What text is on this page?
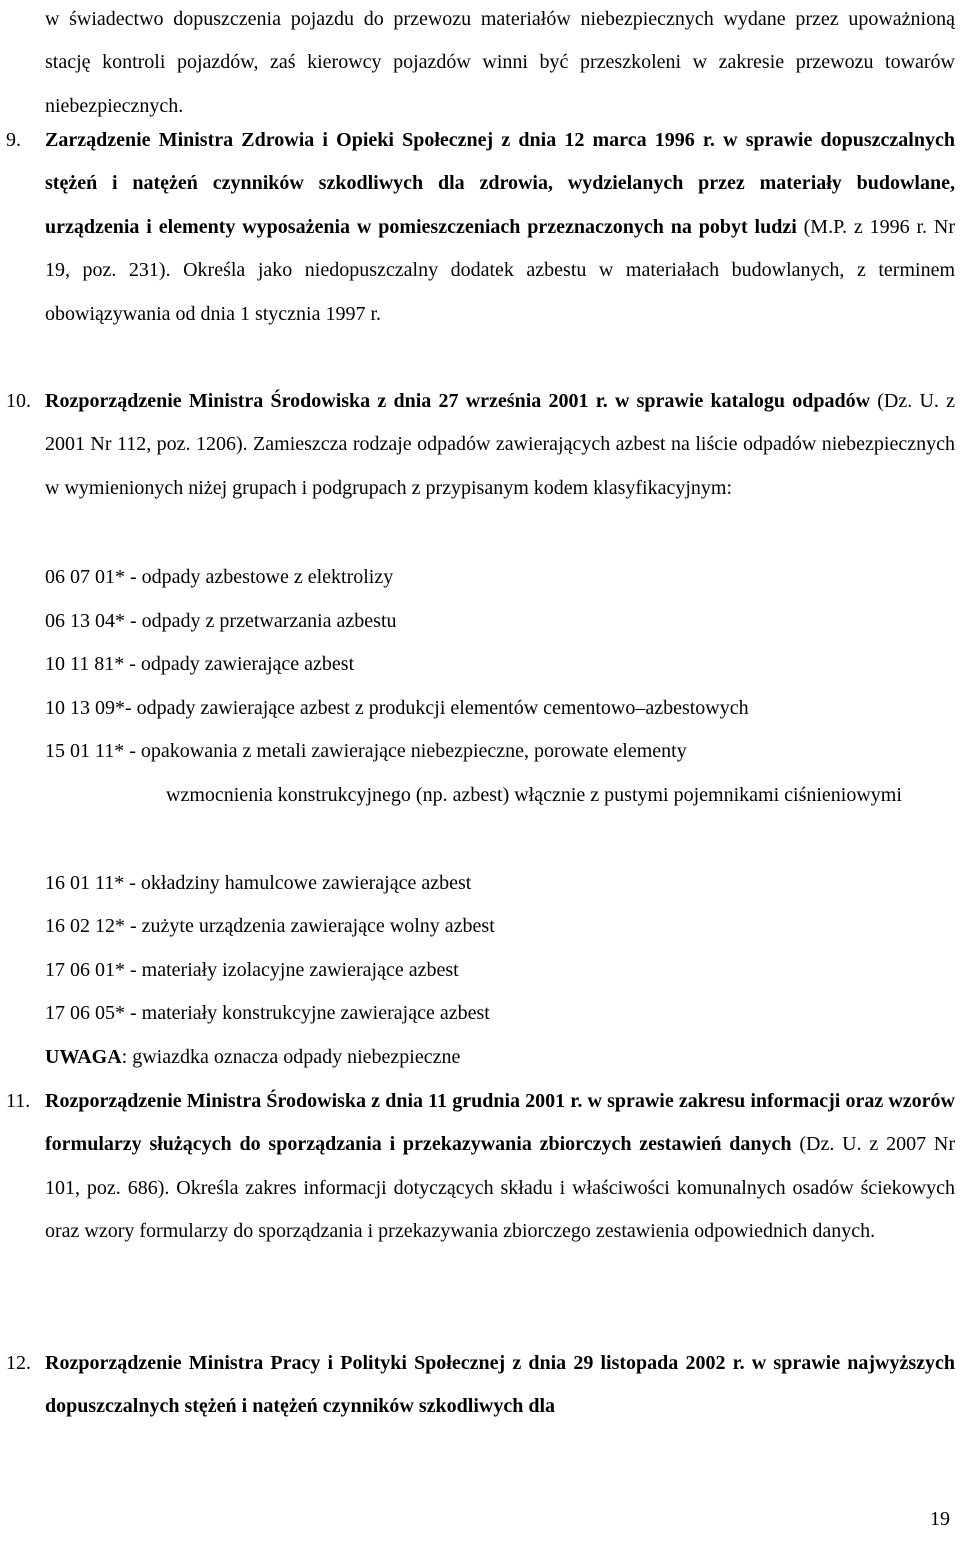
w świadectwo dopuszczenia pojazdu do przewozu materiałów niebezpiecznych wydane przez upoważnioną stację kontroli pojazdów, zaś kierowcy pojazdów winni być przeszkoleni w zakresie przewozu towarów niebezpiecznych.
9. Zarządzenie Ministra Zdrowia i Opieki Społecznej z dnia 12 marca 1996 r. w sprawie dopuszczalnych stężeń i natężeń czynników szkodliwych dla zdrowia, wydzielanych przez materiały budowlane, urządzenia i elementy wyposażenia w pomieszczeniach przeznaczonych na pobyt ludzi (M.P. z 1996 r. Nr 19, poz. 231). Określa jako niedopuszczalny dodatek azbestu w materiałach budowlanych, z terminem obowiązywania od dnia 1 stycznia 1997 r.
10. Rozporządzenie Ministra Środowiska z dnia 27 września 2001 r. w sprawie katalogu odpadów (Dz. U. z 2001 Nr 112, poz. 1206). Zamieszcza rodzaje odpadów zawierających azbest na liście odpadów niebezpiecznych w wymienionych niżej grupach i podgrupach z przypisanym kodem klasyfikacyjnym:
06 07 01* - odpady azbestowe z elektrolizy
06 13 04* - odpady z przetwarzania azbestu
10 11 81* - odpady zawierające azbest
10 13 09*- odpady zawierające azbest z produkcji elementów cementowo–azbestowych
15 01 11* - opakowania z metali zawierające niebezpieczne, porowate elementy
wzmocnienia konstrukcyjnego (np. azbest) włącznie z pustymi pojemnikami ciśnieniowymi
16 01 11* - okładziny hamulcowe zawierające azbest
16 02 12* - zużyte urządzenia zawierające wolny azbest
17 06 01* - materiały izolacyjne zawierające azbest
17 06 05* - materiały konstrukcyjne zawierające azbest
UWAGA: gwiazdka oznacza odpady niebezpieczne
11. Rozporządzenie Ministra Środowiska z dnia 11 grudnia 2001 r. w sprawie zakresu informacji oraz wzorów formularzy służących do sporządzania i przekazywania zbiorczych zestawień danych (Dz. U. z 2007 Nr 101, poz. 686). Określa zakres informacji dotyczących składu i właściwości komunalnych osadów ściekowych oraz wzory formularzy do sporządzania i przekazywania zbiorczego zestawienia odpowiednich danych.
12. Rozporządzenie Ministra Pracy i Polityki Społecznej z dnia 29 listopada 2002 r. w sprawie najwyższych dopuszczalnych stężeń i natężeń czynników szkodliwych dla
19
